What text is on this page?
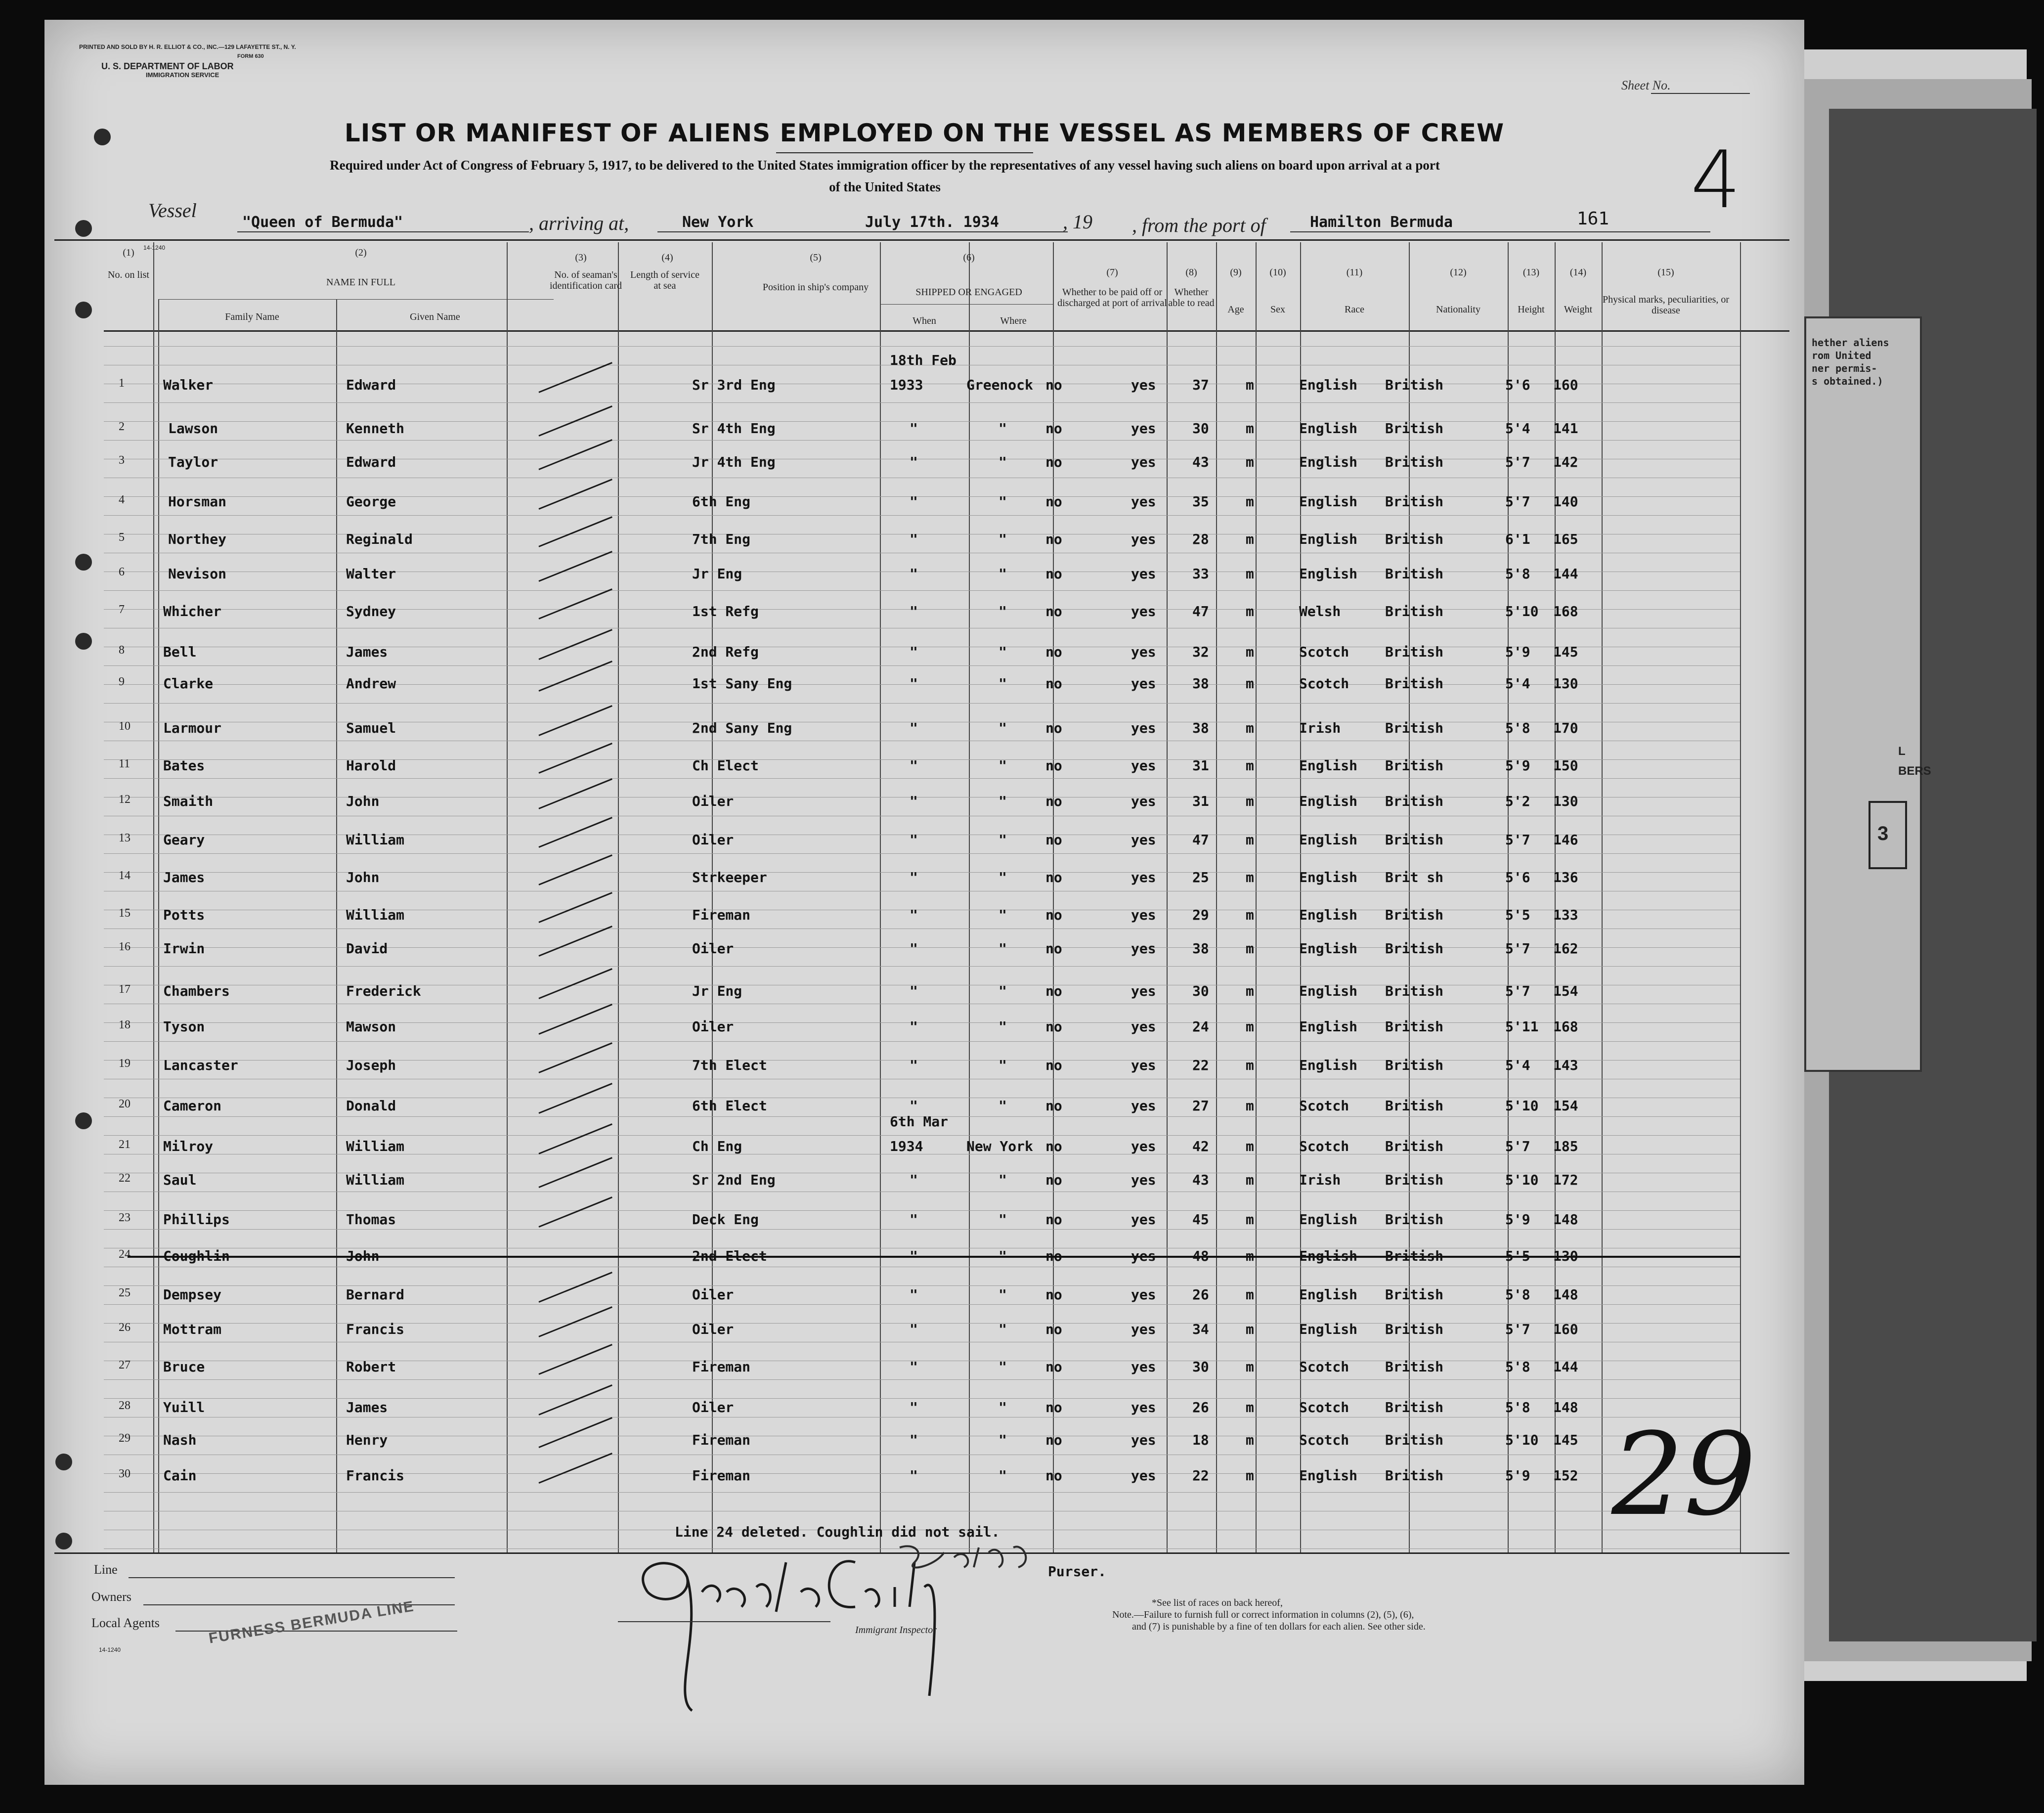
hether aliens
rom United
ner permis-
s obtained.)
L
BERS
3
PRINTED AND SOLD BY H. R. ELLIOT & CO., INC.—129 LAFAYETTE ST., N. Y.
FORM 630
U. S. DEPARTMENT OF LABOR
IMMIGRATION SERVICE
Sheet No.
LIST OR MANIFEST OF ALIENS EMPLOYED ON THE VESSEL AS MEMBERS OF CREW
Required under Act of Congress of February 5, 1917, to be delivered to the United States immigration officer by the representatives of any vessel having such aliens on board upon arrival at a port
of the United States	4
Vessel
"Queen of Bermuda"	, arriving at,	New York	July 17th. 1934	, 19 , from the port of	Hamilton Bermuda	161
14-1240
(1)
No. on list
(2)
NAME IN FULL
Family Name	Given Name
(3)
No. of seaman's identification card
(4)
Length of service at sea
(5)
Position in ship's company
(6)
SHIPPED OR ENGAGED
When	Where
(7)
Whether to be paid off or discharged at port of arrival
(8)
Whether able to read
(9)
Age
(10)
Sex
(11)
Race
(12)
Nationality
(13)
Height
(14)
Weight
(15)
Physical marks, peculiarities, or disease
1	Walker	Edward	Sr 3rd Eng	1933	Greenock no	yes	37	m	English British	5'6 160
18th Feb
2	Lawson	Kenneth	Sr 4th Eng	"	"	no	yes	30	m	English British	5'4 141
3	Taylor	Edward	Jr 4th Eng	"	"	no	yes	43	m	English British	5'7 142
4	Horsman	George	6th Eng	"	"	no	yes	35	m	English British	5'7 140
5	Northey	Reginald	7th Eng	"	"	no	yes	28	m	English British	6'1 165
6	Nevison	Walter	Jr Eng	"	"	no	yes	33	m	English British	5'8 144
7	Whicher	Sydney	1st Refg	"	"	no	yes	47	m	Welsh	British	5'10 168
8	Bell	James	2nd Refg	"	"	no	yes	32	m	Scotch	British	5'9 145
9	Clarke	Andrew	1st Sany Eng	"	"	no	yes	38	m	Scotch	British	5'4 130
10 Larmour	Samuel	2nd Sany Eng	"	"	no	yes	38	m	Irish	British	5'8 170
11 Bates	Harold	Ch Elect	"	"	no	yes	31	m	English British	5'9 150
12 Smaith	John	Oiler	"	"	no	yes	31	m	English British	5'2 130
13 Geary	William	Oiler	"	"	no	yes	47	m	English British	5'7 146
14 James	John	Strkeeper	"	"	no	yes	25	m	English Brit sh	5'6 136
15 Potts	William	Fireman	"	"	no	yes	29	m	English British	5'5 133
16 Irwin	David	Oiler	"	"	no	yes	38	m	English British	5'7 162
17 Chambers	Frederick	Jr Eng	"	"	no	yes	30	m	English British	5'7 154
18 Tyson	Mawson	Oiler	"	"	no	yes	24	m	English British	5'11 168
19 Lancaster	Joseph	7th Elect	"	"	no	yes	22	m	English British	5'4 143
20 Cameron	Donald	6th Elect	"	"	no	yes	27	m	Scotch	British	5'10 154
21 Milroy	William	Ch Eng	1934	New York no	yes	42	m	Scotch	British	5'7 185
6th Mar
22 Saul	William	Sr 2nd Eng	"	"	no	yes	43	m	Irish	British	5'10 172
23 Phillips	Thomas	Deck Eng	"	"	no	yes	45	m	English British	5'9 148
24 Coughlin	John	2nd Elect	"	"	no	yes	48	m	English British	5'5 130
25 Dempsey	Bernard	Oiler	"	"	no	yes	26	m	English British	5'8 148
26 Mottram	Francis	Oiler	"	"	no	yes	34	m	English British	5'7 160
27 Bruce	Robert	Fireman	"	"	no	yes	30	m	Scotch	British	5'8 144
28 Yuill	James	Oiler	"	"	no	yes	26	m	Scotch	British	5'8 148
29 Nash	Henry	Fireman	"	"	no	yes	18	m	Scotch	British	5'10 145
30 Cain	Francis	Fireman	"	"	no	yes	22	m	English British	5'9 152
Line 24 deleted. Coughlin did not sail.
Line
Owners
Local Agents	FURNESS BERMUDA LINE
14-1240
Purser.
Immigrant Inspector
*See list of races on back hereof,
Note.—Failure to furnish full or correct information in columns (2), (5), (6),
and (7) is punishable by a fine of ten dollars for each alien. See other side.
29
